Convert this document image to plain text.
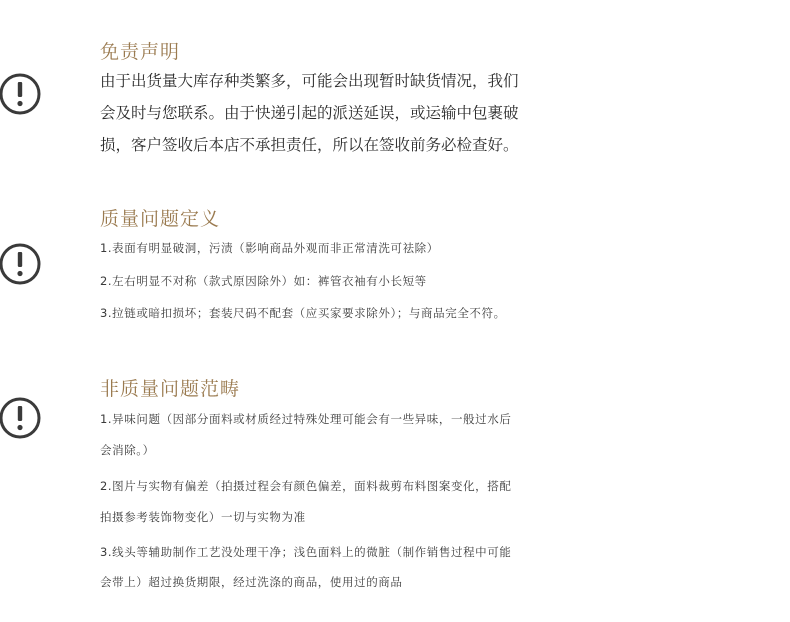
免责声明
由于出货量大库存种类繁多，可能会出现暂时缺货情况，我们
会及时与您联系。由于快递引起的派送延误，或运输中包裹破
损，客户签收后本店不承担责任，所以在签收前务必检查好。
质量问题定义
1.表面有明显破洞，污渍（影响商品外观而非正常清洗可祛除）
2.左右明显不对称（款式原因除外）如：裤管衣袖有小长短等
3.拉链或暗扣损坏；套装尺码不配套（应买家要求除外）；与商品完全不符。
非质量问题范畴
1.异味问题（因部分面料或材质经过特殊处理可能会有一些异味，一般过水后
会消除。）
2.图片与实物有偏差（拍摄过程会有颜色偏差，面料裁剪布料图案变化，搭配
拍摄参考装饰物变化）一切与实物为准
3.线头等辅助制作工艺没处理干净；浅色面料上的微脏（制作销售过程中可能
会带上）超过换货期限，经过洗涤的商品，使用过的商品
